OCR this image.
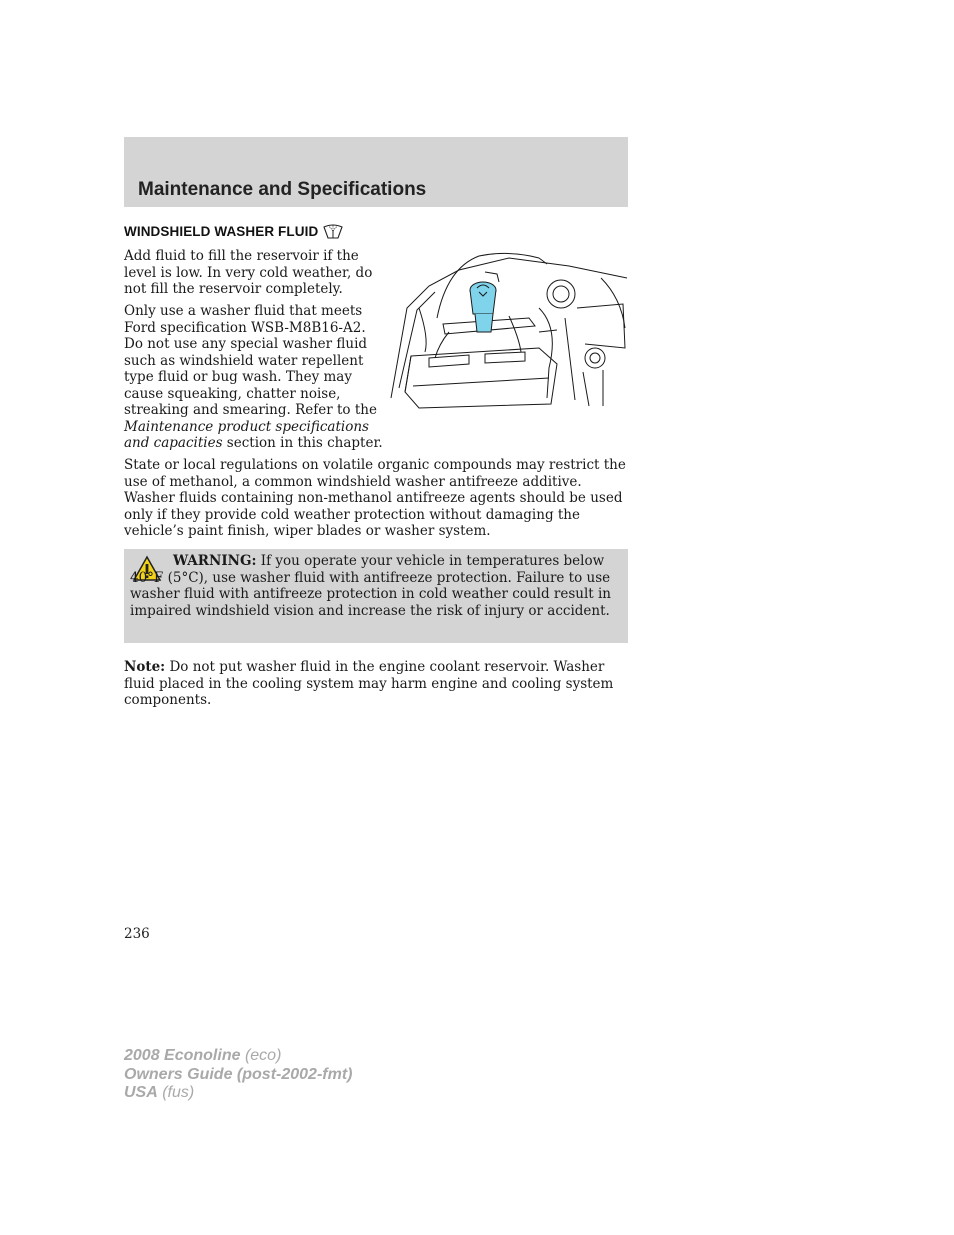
Maintenance and Specifications
WINDSHIELD WASHER FLUID

Add fluid to fill the reservoir if the level is low. In very cold weather, do not fill the reservoir completely.

Only use a washer fluid that meets Ford specification WSB-M8B16-A2. Do not use any special washer fluid such as windshield water repellent type fluid or bug wash. They may cause squeaking, chatter noise, streaking and smearing. Refer to the Maintenance product specifications and capacities section in this chapter.

State or local regulations on volatile organic compounds may restrict the use of methanol, a common windshield washer antifreeze additive. Washer fluids containing non-methanol antifreeze agents should be used only if they provide cold weather protection without damaging the vehicle’s paint finish, wiper blades or washer system.

WARNING: If you operate your vehicle in temperatures below 40°F (5°C), use washer fluid with antifreeze protection. Failure to use washer fluid with antifreeze protection in cold weather could result in impaired windshield vision and increase the risk of injury or accident.

Note: Do not put washer fluid in the engine coolant reservoir. Washer fluid placed in the cooling system may harm engine and cooling system components.

236
2008 Econoline (eco)
Owners Guide (post-2002-fmt)
USA (fus)
